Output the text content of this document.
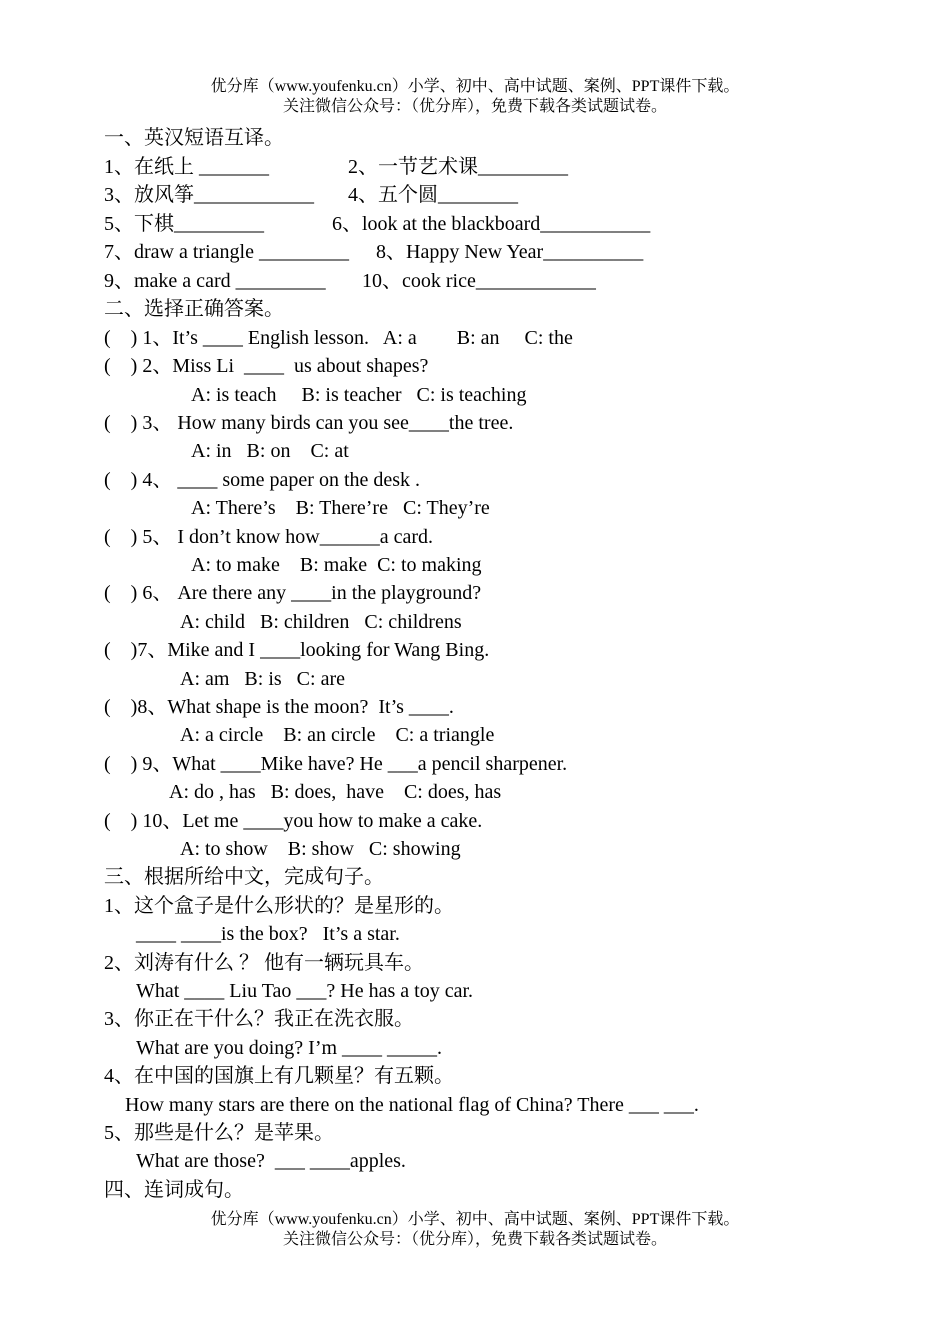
优分库（www.youfenku.cn）小学、初中、高中试题、案例、PPT课件下载。
关注微信公众号：（优分库），免费下载各类试题试卷。
一、英汉短语互译。
1、在纸上 _______	2、一节艺术课_________
3、放风筝____________ 4、五个圆________
5、下棋_________	6、look at the blackboard___________
7、draw a triangle _________ 8、Happy New Year__________
9、make a card _________ 10、cook rice____________
二、选择正确答案。
(    ) 1、It’s ____ English lesson.   A: a        B: an     C: the
(    ) 2、Miss Li  ____  us about shapes?
A: is teach     B: is teacher   C: is teaching
(    ) 3、 How many birds can you see____the tree.
A: in   B: on    C: at
(    ) 4、 ____ some paper on the desk .
A: There’s    B: There’re   C: They’re
(    ) 5、 I don’t know how______a card.
A: to make    B: make  C: to making
(    ) 6、 Are there any ____in the playground?
A: child   B: children   C: childrens
(    )7、Mike and I ____looking for Wang Bing.
A: am   B: is   C: are
(    )8、What shape is the moon?  It’s ____.
A: a circle    B: an circle    C: a triangle
(    ) 9、What ____Mike have? He ___a pencil sharpener.
A: do , has   B: does,  have    C: does, has
(    ) 10、Let me ____you how to make a cake.
A: to show    B: show   C: showing
三、根据所给中文，完成句子。
1、这个盒子是什么形状的？是星形的。
____ ____is the box?   It’s a star.
2、刘涛有什么 ？ 他有一辆玩具车。
What ____ Liu Tao ___? He has a toy car.
3、你正在干什么？我正在洗衣服。
What are you doing? I’m ____ _____.
4、在中国的国旗上有几颗星？有五颗。
How many stars are there on the national flag of China? There ___ ___.
5、那些是什么？是苹果。
What are those?  ___ ____apples.
四、连词成句。
优分库（www.youfenku.cn）小学、初中、高中试题、案例、PPT课件下载。
关注微信公众号：（优分库），免费下载各类试题试卷。
